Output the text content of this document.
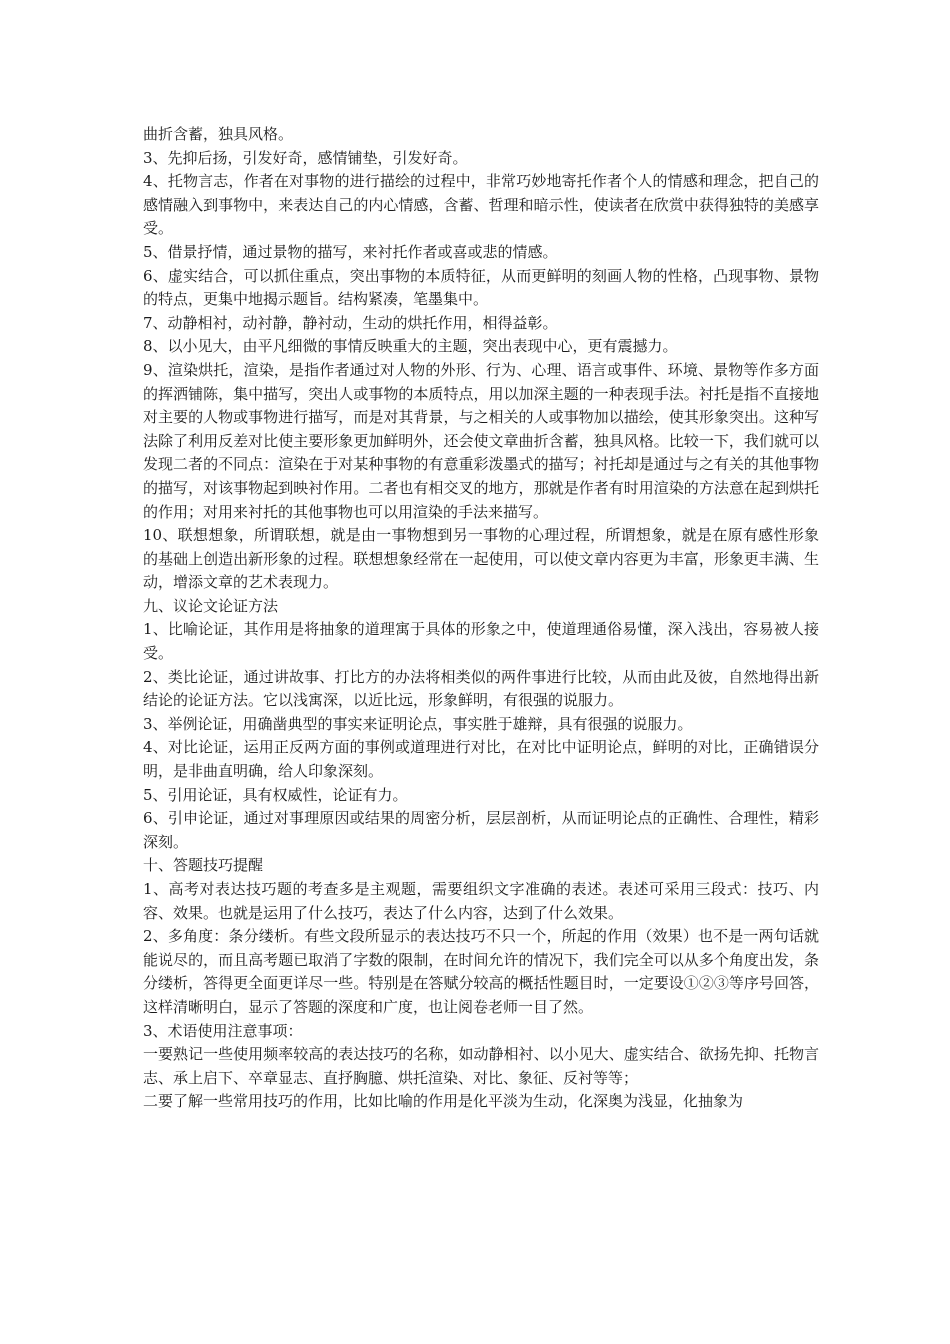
曲折含蓄，独具风格。

3、先抑后扬，引发好奇，感情铺垫，引发好奇。

4、托物言志，作者在对事物的进行描绘的过程中，非常巧妙地寄托作者个人的情感和理念，把自己的感情融入到事物中，来表达自己的内心情感，含蓄、哲理和暗示性，使读者在欣赏中获得独特的美感享受。

5、借景抒情，通过景物的描写，来衬托作者或喜或悲的情感。

6、虚实结合，可以抓住重点，突出事物的本质特征，从而更鲜明的刻画人物的性格，凸现事物、景物的特点，更集中地揭示题旨。结构紧凑，笔墨集中。

7、动静相衬，动衬静，静衬动，生动的烘托作用，相得益彰。

8、以小见大，由平凡细微的事情反映重大的主题，突出表现中心，更有震撼力。

9、渲染烘托，渲染，是指作者通过对人物的外形、行为、心理、语言或事件、环境、景物等作多方面的挥洒铺陈，集中描写，突出人或事物的本质特点，用以加深主题的一种表现手法。衬托是指不直接地对主要的人物或事物进行描写，而是对其背景，与之相关的人或事物加以描绘，使其形象突出。这种写法除了利用反差对比使主要形象更加鲜明外，还会使文章曲折含蓄，独具风格。比较一下，我们就可以发现二者的不同点：渲染在于对某种事物的有意重彩泼墨式的描写；衬托却是通过与之有关的其他事物的描写，对该事物起到映衬作用。二者也有相交叉的地方，那就是作者有时用渲染的方法意在起到烘托的作用；对用来衬托的其他事物也可以用渲染的手法来描写。

10、联想想象，所谓联想，就是由一事物想到另一事物的心理过程，所谓想象，就是在原有感性形象的基础上创造出新形象的过程。联想想象经常在一起使用，可以使文章内容更为丰富，形象更丰满、生动，增添文章的艺术表现力。

九、议论文论证方法

1、比喻论证，其作用是将抽象的道理寓于具体的形象之中，使道理通俗易懂，深入浅出，容易被人接受。

2、类比论证，通过讲故事、打比方的办法将相类似的两件事进行比较，从而由此及彼，自然地得出新结论的论证方法。它以浅寓深，以近比远，形象鲜明，有很强的说服力。

3、举例论证，用确凿典型的事实来证明论点，事实胜于雄辩，具有很强的说服力。

4、对比论证，运用正反两方面的事例或道理进行对比，在对比中证明论点，鲜明的对比，正确错误分明，是非曲直明确，给人印象深刻。

5、引用论证，具有权威性，论证有力。

6、引申论证，通过对事理原因或结果的周密分析，层层剖析，从而证明论点的正确性、合理性，精彩深刻。

十、答题技巧提醒

1、高考对表达技巧题的考查多是主观题，需要组织文字准确的表述。表述可采用三段式：技巧、内容、效果。也就是运用了什么技巧，表达了什么内容，达到了什么效果。

2、多角度：条分缕析。有些文段所显示的表达技巧不只一个，所起的作用（效果）也不是一两句话就能说尽的，而且高考题已取消了字数的限制，在时间允许的情况下，我们完全可以从多个角度出发，条分缕析，答得更全面更详尽一些。特别是在答赋分较高的概括性题目时，一定要设①②③等序号回答，这样清晰明白，显示了答题的深度和广度，也让阅卷老师一目了然。

3、术语使用注意事项：

一要熟记一些使用频率较高的表达技巧的名称，如动静相衬、以小见大、虚实结合、欲扬先抑、托物言志、承上启下、卒章显志、直抒胸臆、烘托渲染、对比、象征、反衬等等；

二要了解一些常用技巧的作用，比如比喻的作用是化平淡为生动，化深奥为浅显，化抽象为
